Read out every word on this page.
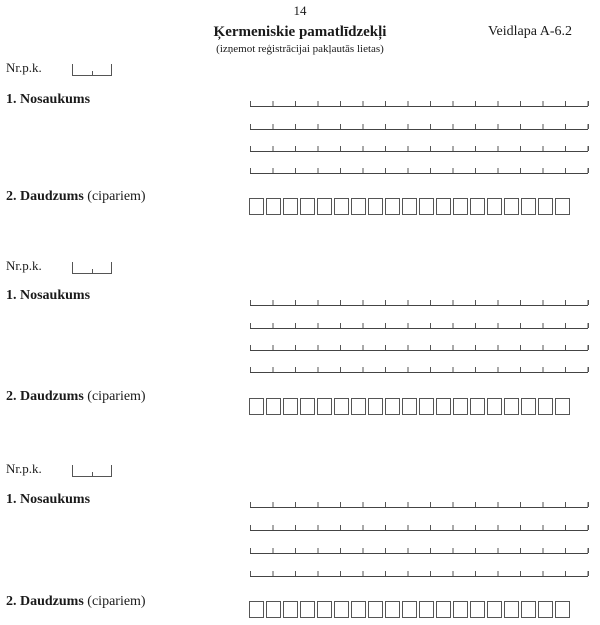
14
Ķermeniskie pamatlīdzekļi
(izņemot reģistrācijai pakļautās lietas)
Veidlapa A-6.2
Nr.p.k.
1. Nosaukums
2. Daudzums (cipariem)
Nr.p.k.
1. Nosaukums
2. Daudzums (cipariem)
Nr.p.k.
1. Nosaukums
2. Daudzums (cipariem)
